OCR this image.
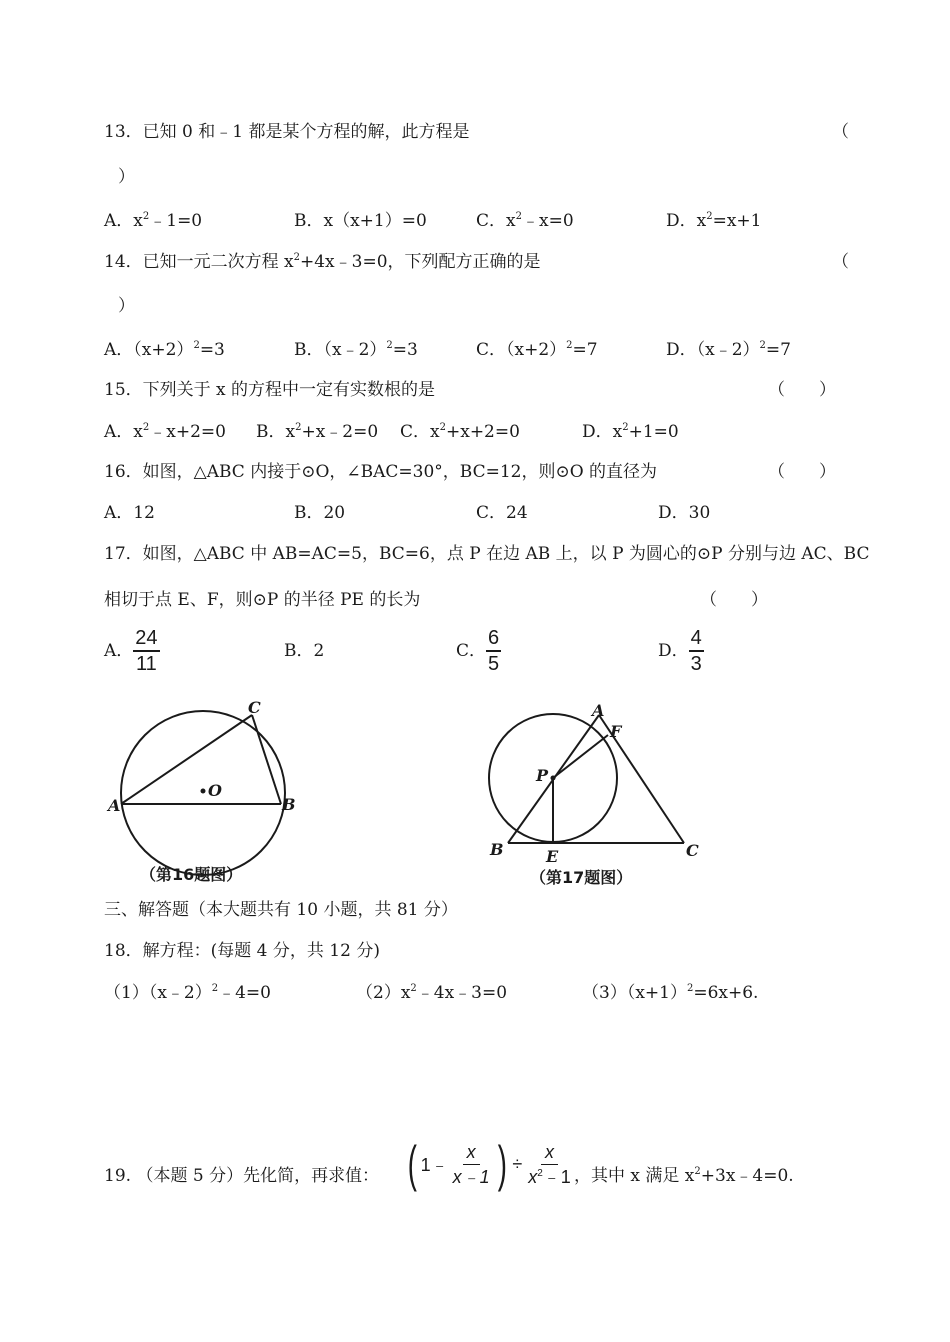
13．已知 0 和﹣1 都是某个方程的解，此方程是	（
）
A．$x^2﹣1=0$	B．x（x+1）=0	C．$x^2﹣x=0$	D．$x^2=x+1$
14．已知一元二次方程 $x^2+4x﹣3=0$，下列配方正确的是	（
）
A．$(x+2)^2=3$	B．（x﹣2）$^2$=3	C．$(x+2)^2=7$	D．（x﹣2）$^2$=7
15．下列关于 x 的方程中一定有实数根的是	（　　）
A．$x^2﹣x+2=0$ B．$x^2+x﹣2=0$ C．$x^2+x+2=0$	D．$x^2+1=0$
16．如图，△ABC 内接于⊙O，∠BAC=30°，BC=12，则⊙O 的直径为	（　　）
A．12	B．20	C．24	D．30
17．如图，△ABC 中 AB=AC=5，BC=6，点 P 在边 AB 上，以 P 为圆心的⊙P 分别与边 AC、BC
相切于点 E、F，则⊙P 的半径 PE 的长为	（　　）
A． $\frac{24}{11}$	B．2	C． $\frac{6}{5}$	D． $\frac{4}{3}$
A	B
C
O
（第16题图）
A
F
P
B	E	C
（第17题图）
三、解答题（本大题共有 10 小题，共 81 分）
18．解方程：(每题 4 分，共 12 分)
（1）（x﹣2）$^2$﹣4=0	$(2)x^2﹣4x﹣3=0$	$(3)(x+1)^2=6x+6$.
19. （本题 5 分）先化简，再求值： ( 1﹣ $\frac{x}{x﹣1}$ ) ÷ $\frac{x}{x^2﹣1}$ ，其中 x 满足 $x^2+3x﹣4=0$.
